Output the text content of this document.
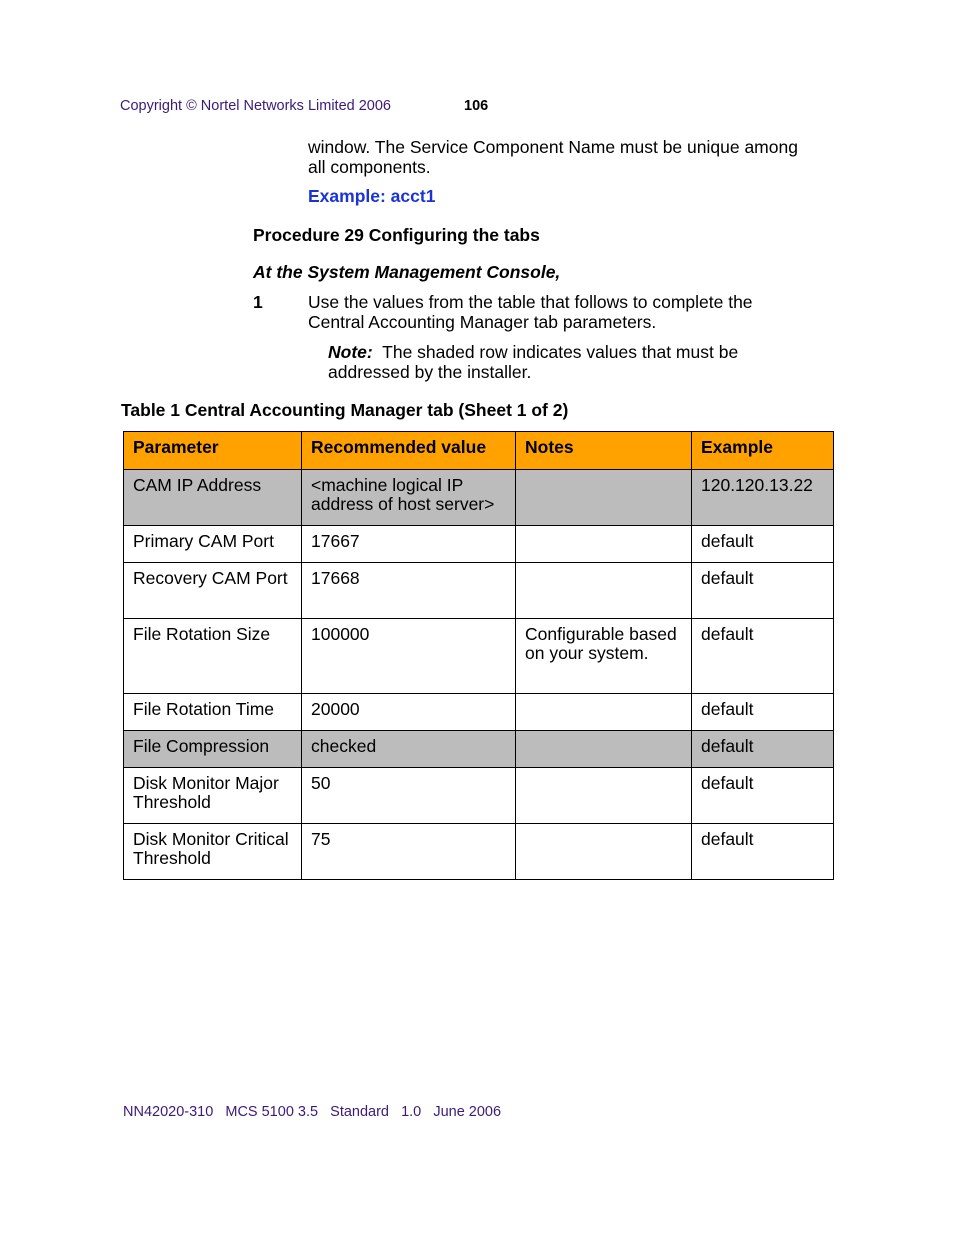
Copyright © Nortel Networks Limited 2006	106
window. The Service Component Name must be unique among
all components.
Example: acct1
Procedure 29 Configuring the tabs
At the System Management Console,
1	Use the values from the table that follows to complete the
Central Accounting Manager tab parameters.
Note: The shaded row indicates values that must be
addressed by the installer.
Table 1 Central Accounting Manager tab (Sheet 1 of 2)
Parameter	Recommended value	Notes	Example
CAM IP Address	<machine logical IP address of host server>		120.120.13.22
Primary CAM Port	17667		default
Recovery CAM Port	17668		default
File Rotation Size	100000	Configurable based on your system.	default
File Rotation Time	20000		default
File Compression	checked		default
Disk Monitor Major Threshold	50		default
Disk Monitor Critical Threshold	75		default
NN42020-310   MCS 5100 3.5   Standard   1.0   June 2006
